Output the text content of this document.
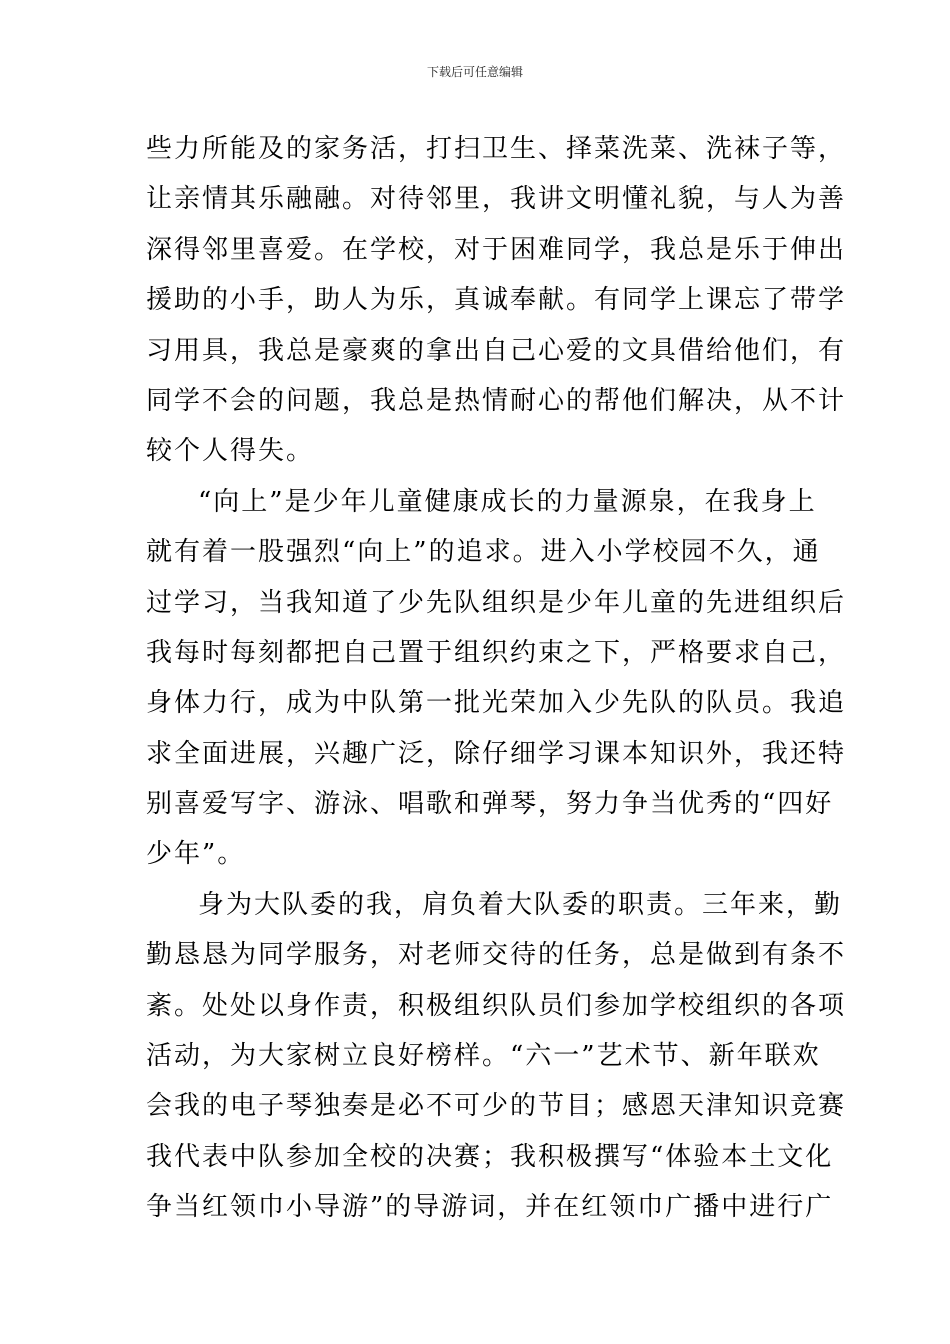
下载后可任意编辑
些力所能及的家务活，打扫卫生、择菜洗菜、洗袜子等，
让亲情其乐融融。对待邻里，我讲文明懂礼貌，与人为善
深得邻里喜爱。在学校，对于困难同学，我总是乐于伸出
援助的小手，助人为乐，真诚奉献。有同学上课忘了带学
习用具，我总是豪爽的拿出自己心爱的文具借给他们，有
同学不会的问题，我总是热情耐心的帮他们解决，从不计
较个人得失。
“向上”是少年儿童健康成长的力量源泉，在我身上
就有着一股强烈“向上”的追求。进入小学校园不久，通
过学习，当我知道了少先队组织是少年儿童的先进组织后
我每时每刻都把自己置于组织约束之下，严格要求自己，
身体力行，成为中队第一批光荣加入少先队的队员。我追
求全面进展，兴趣广泛，除仔细学习课本知识外，我还特
别喜爱写字、游泳、唱歌和弹琴，努力争当优秀的“四好
少年”。
身为大队委的我，肩负着大队委的职责。三年来，勤
勤恳恳为同学服务，对老师交待的任务，总是做到有条不
紊。处处以身作责，积极组织队员们参加学校组织的各项
活动，为大家树立良好榜样。“六一”艺术节、新年联欢
会我的电子琴独奏是必不可少的节目；感恩天津知识竞赛
我代表中队参加全校的决赛；我积极撰写“体验本土文化
争当红领巾小导游”的导游词，并在红领巾广播中进行广
